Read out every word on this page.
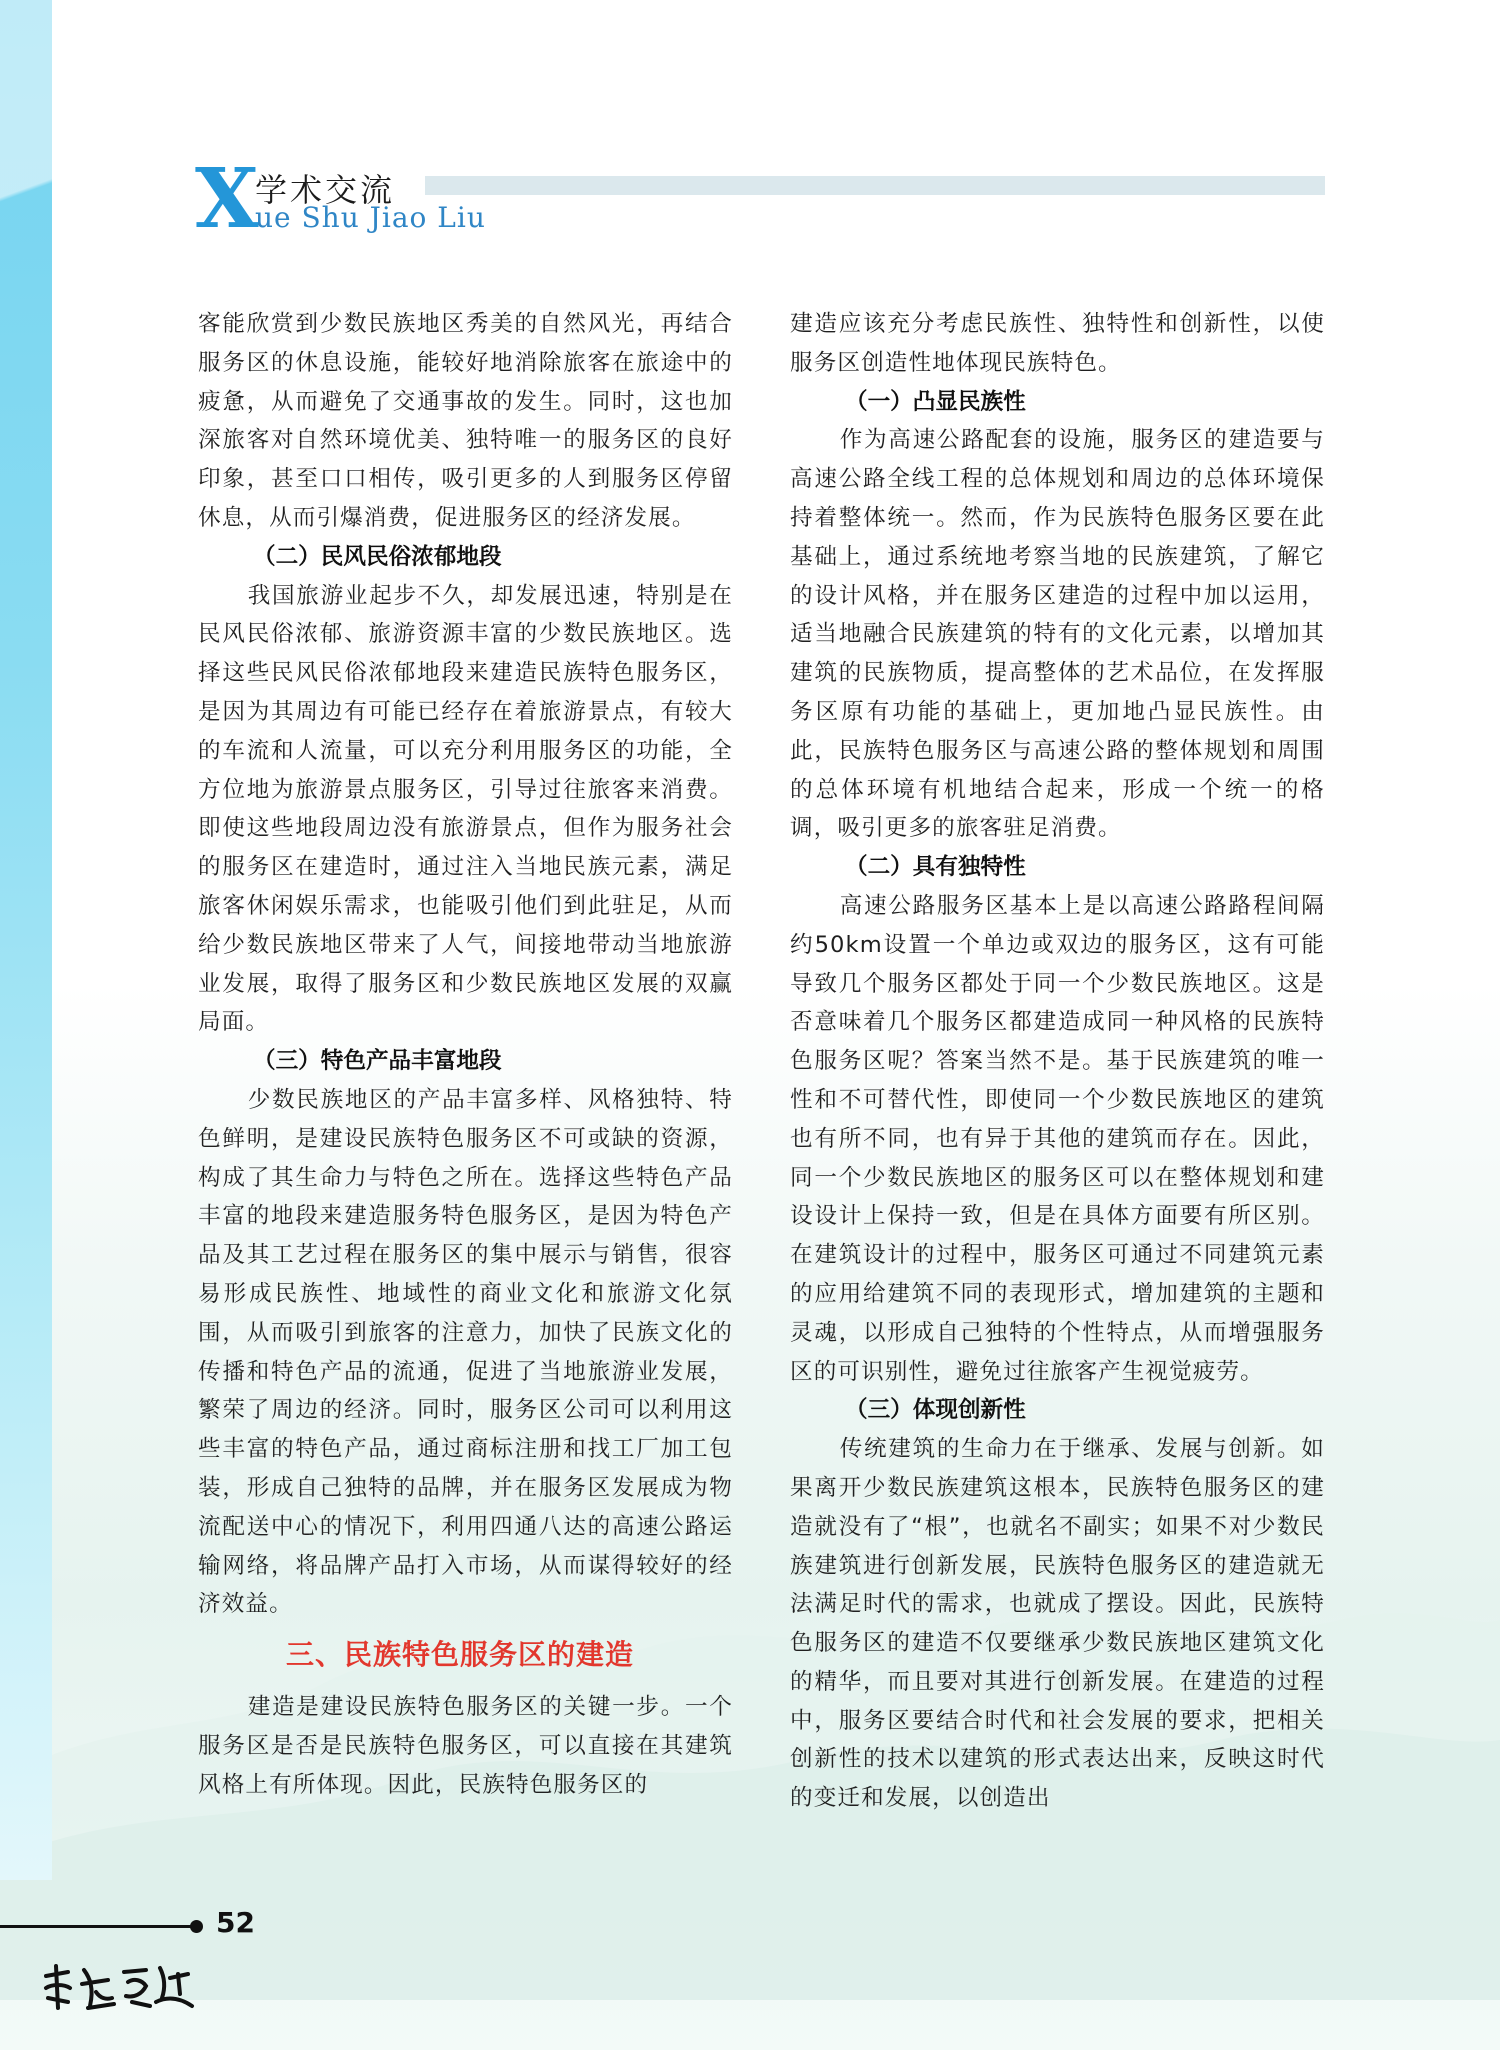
X
学术交流
ue Shu Jiao Liu

客能欣赏到少数民族地区秀美的自然风光，再结合服务区的休息设施，能较好地消除旅客在旅途中的疲惫，从而避免了交通事故的发生。同时，这也加深旅客对自然环境优美、独特唯一的服务区的良好印象，甚至口口相传，吸引更多的人到服务区停留休息，从而引爆消费，促进服务区的经济发展。

（二）民风民俗浓郁地段

我国旅游业起步不久，却发展迅速，特别是在民风民俗浓郁、旅游资源丰富的少数民族地区。选择这些民风民俗浓郁地段来建造民族特色服务区，是因为其周边有可能已经存在着旅游景点，有较大的车流和人流量，可以充分利用服务区的功能，全方位地为旅游景点服务区，引导过往旅客来消费。即使这些地段周边没有旅游景点，但作为服务社会的服务区在建造时，通过注入当地民族元素，满足旅客休闲娱乐需求，也能吸引他们到此驻足，从而给少数民族地区带来了人气，间接地带动当地旅游业发展，取得了服务区和少数民族地区发展的双赢局面。

（三）特色产品丰富地段

少数民族地区的产品丰富多样、风格独特、特色鲜明，是建设民族特色服务区不可或缺的资源，构成了其生命力与特色之所在。选择这些特色产品丰富的地段来建造服务特色服务区，是因为特色产品及其工艺过程在服务区的集中展示与销售，很容易形成民族性、地域性的商业文化和旅游文化氛围，从而吸引到旅客的注意力，加快了民族文化的传播和特色产品的流通，促进了当地旅游业发展，繁荣了周边的经济。同时，服务区公司可以利用这些丰富的特色产品，通过商标注册和找工厂加工包装，形成自己独特的品牌，并在服务区发展成为物流配送中心的情况下，利用四通八达的高速公路运输网络，将品牌产品打入市场，从而谋得较好的经济效益。

三、民族特色服务区的建造

建造是建设民族特色服务区的关键一步。一个服务区是否是民族特色服务区，可以直接在其建筑风格上有所体现。因此，民族特色服务区的

建造应该充分考虑民族性、独特性和创新性，以使服务区创造性地体现民族特色。

（一）凸显民族性

作为高速公路配套的设施，服务区的建造要与高速公路全线工程的总体规划和周边的总体环境保持着整体统一。然而，作为民族特色服务区要在此基础上，通过系统地考察当地的民族建筑，了解它的设计风格，并在服务区建造的过程中加以运用，适当地融合民族建筑的特有的文化元素，以增加其建筑的民族物质，提高整体的艺术品位，在发挥服务区原有功能的基础上，更加地凸显民族性。由此，民族特色服务区与高速公路的整体规划和周围的总体环境有机地结合起来，形成一个统一的格调，吸引更多的旅客驻足消费。

（二）具有独特性

高速公路服务区基本上是以高速公路路程间隔约50km设置一个单边或双边的服务区，这有可能导致几个服务区都处于同一个少数民族地区。这是否意味着几个服务区都建造成同一种风格的民族特色服务区呢？答案当然不是。基于民族建筑的唯一性和不可替代性，即使同一个少数民族地区的建筑也有所不同，也有异于其他的建筑而存在。因此，同一个少数民族地区的服务区可以在整体规划和建设设计上保持一致，但是在具体方面要有所区别。在建筑设计的过程中，服务区可通过不同建筑元素的应用给建筑不同的表现形式，增加建筑的主题和灵魂，以形成自己独特的个性特点，从而增强服务区的可识别性，避免过往旅客产生视觉疲劳。

（三）体现创新性

传统建筑的生命力在于继承、发展与创新。如果离开少数民族建筑这根本，民族特色服务区的建造就没有了“根”，也就名不副实；如果不对少数民族建筑进行创新发展，民族特色服务区的建造就无法满足时代的需求，也就成了摆设。因此，民族特色服务区的建造不仅要继承少数民族地区建筑文化的精华，而且要对其进行创新发展。在建造的过程中，服务区要结合时代和社会发展的要求，把相关创新性的技术以建筑的形式表达出来，反映这时代的变迁和发展，以创造出

52
